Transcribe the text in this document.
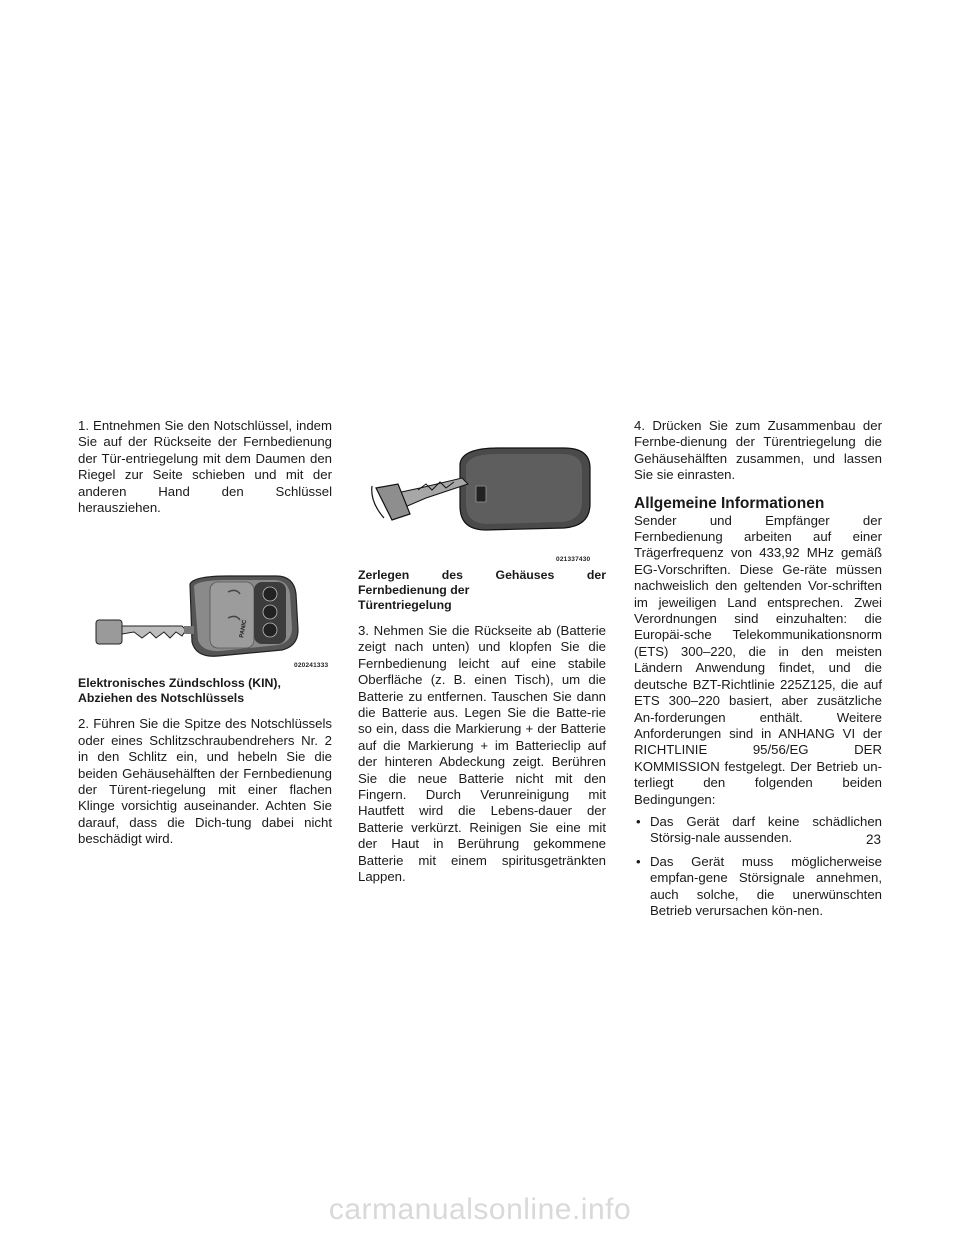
1. Entnehmen Sie den Notschlüssel, indem Sie auf der Rückseite der Fernbedienung der Tür-entriegelung mit dem Daumen den Riegel zur Seite schieben und mit der anderen Hand den Schlüssel herausziehen.

PANIC
020241333

Elektronisches Zündschloss (KIN),
Abziehen des Notschlüssels

2. Führen Sie die Spitze des Notschlüssels oder eines Schlitzschraubendrehers Nr. 2 in den Schlitz ein, und hebeln Sie die beiden Gehäusehälften der Fernbedienung der Türent-riegelung mit einer flachen Klinge vorsichtig auseinander. Achten Sie darauf, dass die Dich-tung dabei nicht beschädigt wird.

021337430

Zerlegen des Gehäuses der Fernbedienung der
Türentriegelung

3. Nehmen Sie die Rückseite ab (Batterie zeigt nach unten) und klopfen Sie die Fernbedienung leicht auf eine stabile Oberfläche (z. B. einen Tisch), um die Batterie zu entfernen. Tauschen Sie dann die Batterie aus. Legen Sie die Batte-rie so ein, dass die Markierung + der Batterie auf die Markierung + im Batterieclip auf der hinteren Abdeckung zeigt. Berühren Sie die neue Batterie nicht mit den Fingern. Durch Verunreinigung mit Hautfett wird die Lebens-dauer der Batterie verkürzt. Reinigen Sie eine mit der Haut in Berührung gekommene Batterie mit einem spiritusgetränkten Lappen.

4. Drücken Sie zum Zusammenbau der Fernbe-dienung der Türentriegelung die Gehäusehälften zusammen, und lassen Sie sie einrasten.

Allgemeine Informationen

Sender und Empfänger der Fernbedienung arbeiten auf einer Trägerfrequenz von 433,92 MHz gemäß EG-Vorschriften. Diese Ge-räte müssen nachweislich den geltenden Vor-schriften im jeweiligen Land entsprechen. Zwei Verordnungen sind einzuhalten: die Europäi-sche Telekommunikationsnorm (ETS) 300–220, die in den meisten Ländern Anwendung findet, und die deutsche BZT-Richtlinie 225Z125, die auf ETS 300–220 basiert, aber zusätzliche An-forderungen enthält. Weitere Anforderungen sind in ANHANG VI der RICHTLINIE 95/56/EG DER KOMMISSION festgelegt. Der Betrieb un-terliegt den folgenden beiden Bedingungen:

• Das Gerät darf keine schädlichen Störsig-nale aussenden.
• Das Gerät muss möglicherweise empfan-gene Störsignale annehmen, auch solche, die unerwünschten Betrieb verursachen kön-nen.
23
carmanualsonline.info
